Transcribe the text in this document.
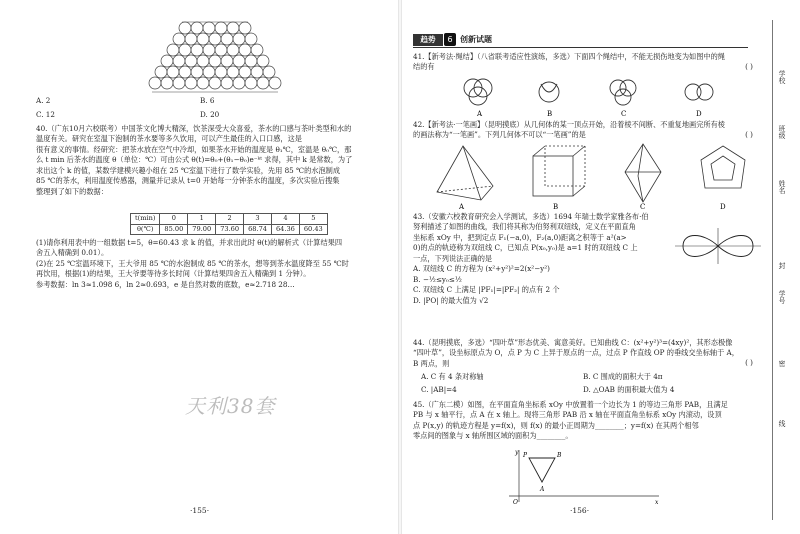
A. 2	B. 6
C. 12	D. 20
40.（广东10月六校联考）中国茶文化博大精深，饮茶深受大众喜爱，茶水的口感与茶叶类型和水的
温度有关。研究在室温下泡制的茶水要等多久饮用，可以产生最佳的入口口感，这是
很有意义的事情。经研究：把茶水放在空气中冷却，如果茶水开始的温度是 θ₁℃，室温是 θ₀℃，那
么 t min 后茶水的温度 θ（单位：℃）可由公式 θ(t)=θ₀+(θ₁−θ₀)e⁻ᵏᵗ 求得，其中 k 是常数，为了
求出这个 k 的值，某数学建模兴趣小组在 25 ℃室温下进行了数学实验，先用 85 ℃的水泡制成
85 ℃的茶水，利用温度传感器，测量并记录从 t=0 开始每一分钟茶水的温度，多次实验后搜集
整理到了如下的数据：
t(min)	0	1	2	3	4	5
θ(℃)	85.00	79.00	73.60	68.74	64.36	60.43
(1)请你利用表中的一组数据 t=5，θ=60.43 求 k 的值，并求出此时 θ(t)的解析式（计算结果四
舍五入精确到 0.01）。
(2)在 25 ℃室温环境下，王大爷用 85 ℃的水泡制成 85 ℃的茶水，想等到茶水温度降至 55 ℃时
再饮用，根据(1)的结果，王大爷要等待多长时间（计算结果四舍五入精确到 1 分钟）。
参考数据：ln 3≈1.098 6，ln 2≈0.693，e 是自然对数的底数，e≈2.718 28…
天利38套
·155·
趋势	6 创新试题
41.【新考法·绳结】（八省联考适应性演练，多选）下面四个绳结中，不能无损伤地变为如图中的绳
结的有	( )
A	B	C	D
42.【新考法·一笔画】（昆明摸底）从几何体的某一顶点开始，沿着棱不间断、不重复地画完所有棱
的画法称为“一笔画”。下列几何体不可以“一笔画”的是	( )
A	B	C	D
43.（安徽六校教育研究会入学测试，多选）1694 年瑞士数学家雅各布·伯
努利描述了如图的曲线，我们将其称为伯努利双纽线，定义在平面直角
坐标系 xOy 中，把到定点 F₁(−a,0)，F₂(a,0)距离之积等于 a²(a>
0)的点的轨迹称为双纽线 C，已知点 P(x₀,y₀)是 a=1 时的双纽线 C 上
一点，下列说法正确的是
A. 双纽线 C 的方程为 (x²+y²)²=2(x²−y²)
B. −½≤y₀≤½
C. 双纽线 C 上满足 |PF₁|=|PF₂| 的点有 2 个
D. |PO| 的最大值为 √2
44.（昆明摸底，多选）“四叶草”形态优美、寓意美好。已知曲线 C：(x²+y²)³=(4xy)²，其形态极像
“四叶草”，设坐标原点为 O，点 P 为 C 上异于原点的一点，过点 P 作直线 OP 的垂线交坐标轴于 A，
B 两点，则	( )
A. C 有 4 条对称轴	B. C 围成的面积大于 4π
C. |AB|=4	D. △OAB 的面积最大值为 4
45.（广东二模）如图，在平面直角坐标系 xOy 中放置着一个边长为 1 的等边三角形 PAB，且满足
PB 与 x 轴平行，点 A 在 x 轴上。现将三角形 PAB 沿 x 轴在平面直角坐标系 xOy 内滚动，设顶
点 P(x,y) 的轨迹方程是 y=f(x)，则 f(x) 的最小正周期为________；y=f(x) 在其两个相邻
零点间的图象与 x 轴所围区域的面积为________。
y
x
O
P	B
A
·156·
学校
班级
姓名
封
学号
密
线
